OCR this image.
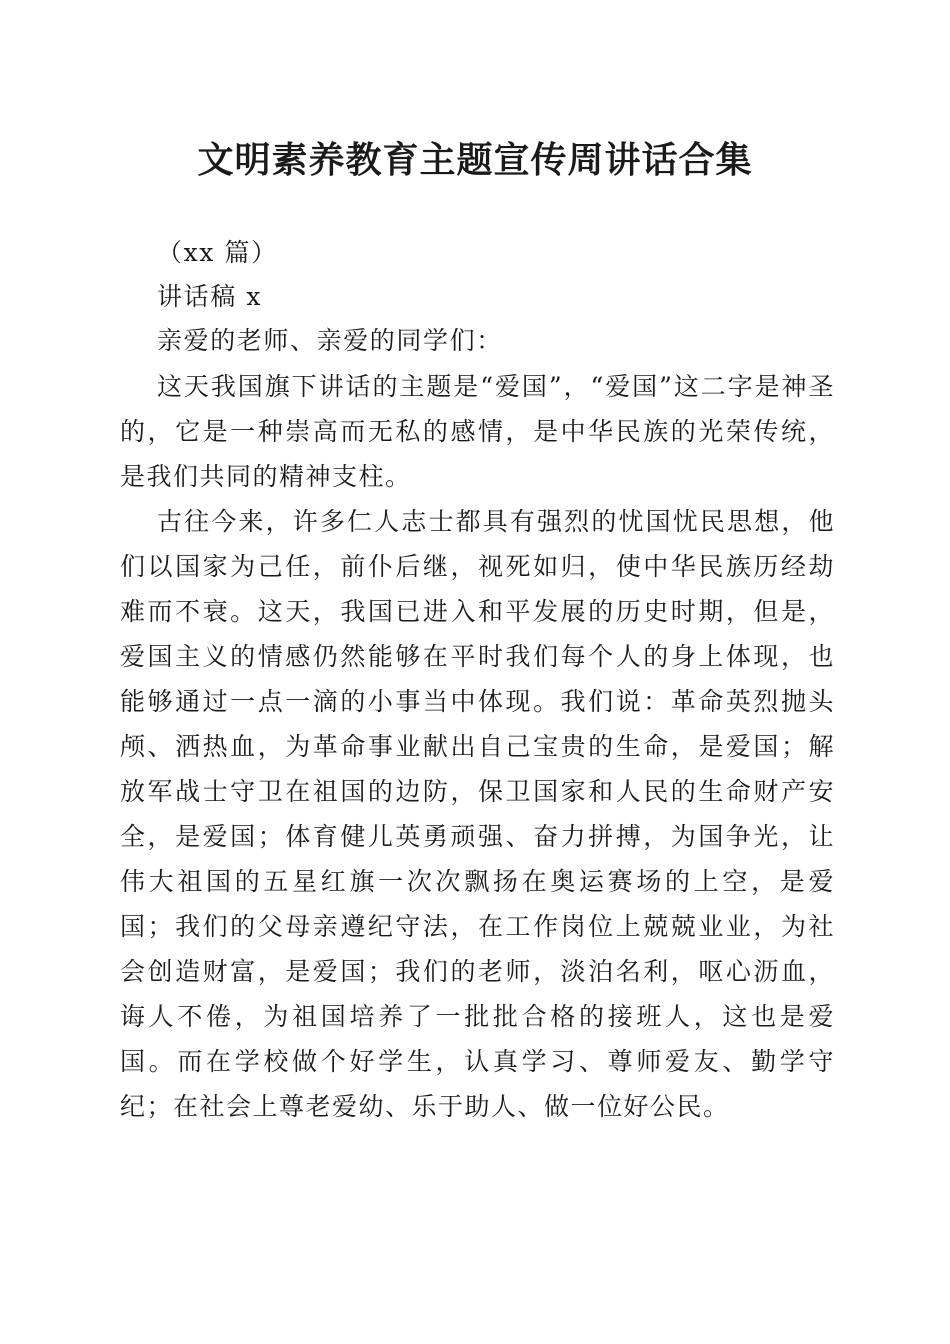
文明素养教育主题宣传周讲话合集
（xx 篇）
讲话稿 x
亲爱的老师、亲爱的同学们：

这天我国旗下讲话的主题是“爱国”，“爱国”这二字是神圣的，它是一种崇高而无私的感情，是中华民族的光荣传统，是我们共同的精神支柱。

古往今来，许多仁人志士都具有强烈的忧国忧民思想，他们以国家为己任，前仆后继，视死如归，使中华民族历经劫难而不衰。这天，我国已进入和平发展的历史时期，但是，爱国主义的情感仍然能够在平时我们每个人的身上体现，也能够通过一点一滴的小事当中体现。我们说：革命英烈抛头颅、洒热血，为革命事业献出自己宝贵的生命，是爱国；解放军战士守卫在祖国的边防，保卫国家和人民的生命财产安全，是爱国；体育健儿英勇顽强、奋力拼搏，为国争光，让伟大祖国的五星红旗一次次飘扬在奥运赛场的上空，是爱国；我们的父母亲遵纪守法，在工作岗位上兢兢业业，为社会创造财富，是爱国；我们的老师，淡泊名利，呕心沥血，诲人不倦，为祖国培养了一批批合格的接班人，这也是爱国。而在学校做个好学生，认真学习、尊师爱友、勤学守纪；在社会上尊老爱幼、乐于助人、做一位好公民。
